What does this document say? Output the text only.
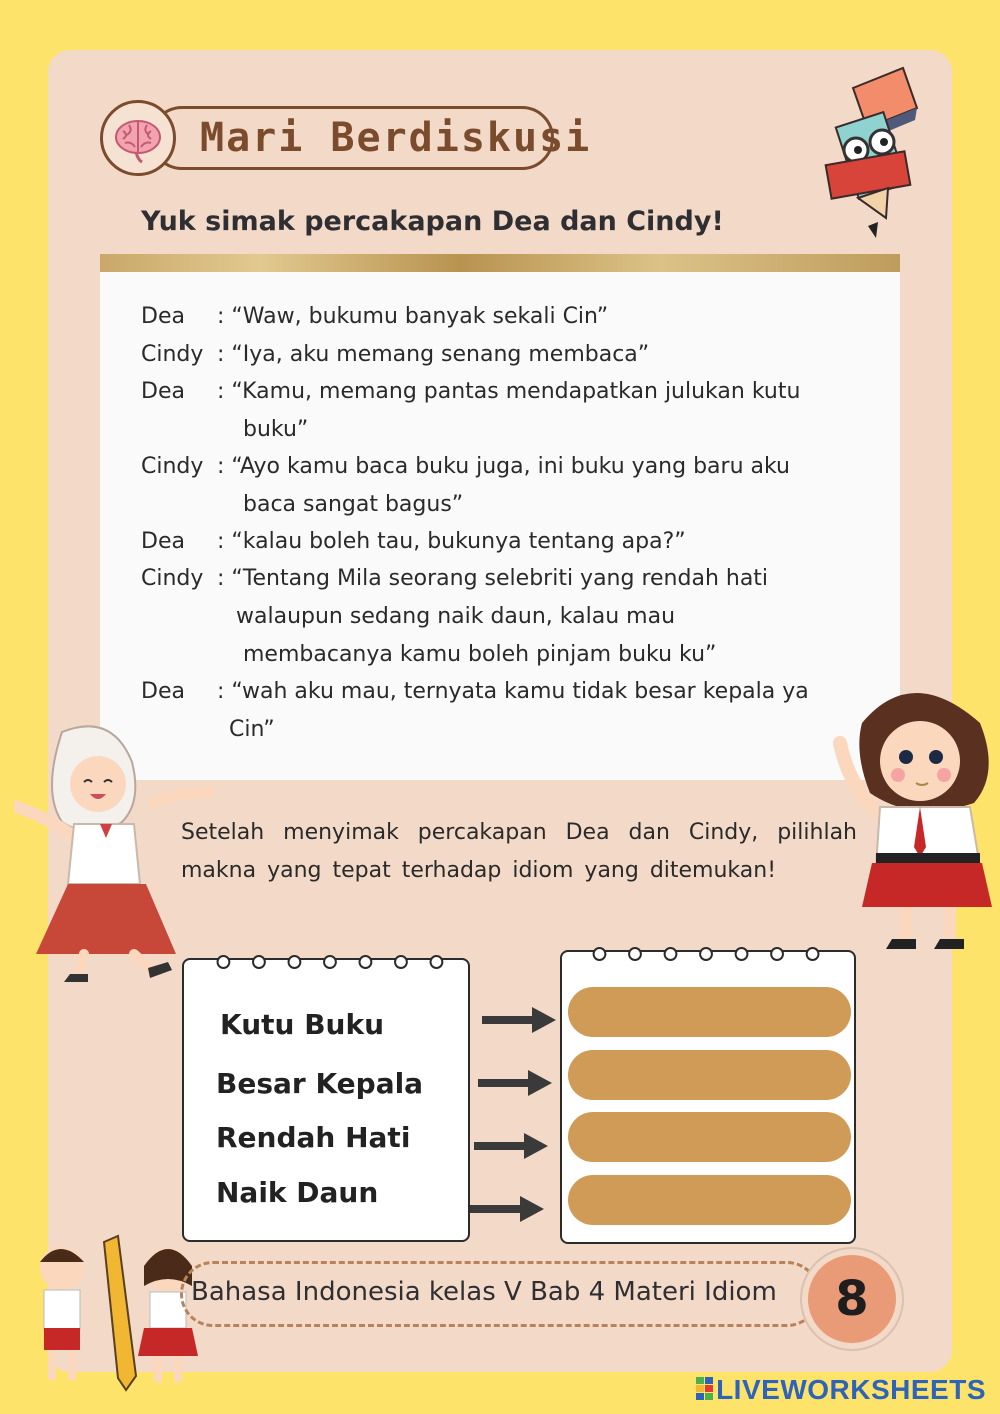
Mari Berdiskusi
Yuk simak percakapan Dea dan Cindy!
Dea : “Waw, bukumu banyak sekali Cin”
Cindy : “Iya, aku memang senang membaca”
Dea : “Kamu, memang pantas mendapatkan julukan kutu
buku”
Cindy : “Ayo kamu baca buku juga, ini buku yang baru aku
baca sangat bagus”
Dea : “kalau boleh tau, bukunya tentang apa?”
Cindy : “Tentang Mila seorang selebriti yang rendah hati
walaupun sedang naik daun, kalau mau
membacanya kamu boleh pinjam buku ku”
Dea : “wah aku mau, ternyata kamu tidak besar kepala ya
Cin”
Setelah menyimak percakapan Dea dan Cindy, pilihlah makna yang tepat terhadap idiom yang ditemukan!
Kutu Buku
Besar Kepala
Rendah Hati
Naik Daun
Bahasa Indonesia kelas V Bab 4 Materi Idiom	8
LIVEWORKSHEETS
